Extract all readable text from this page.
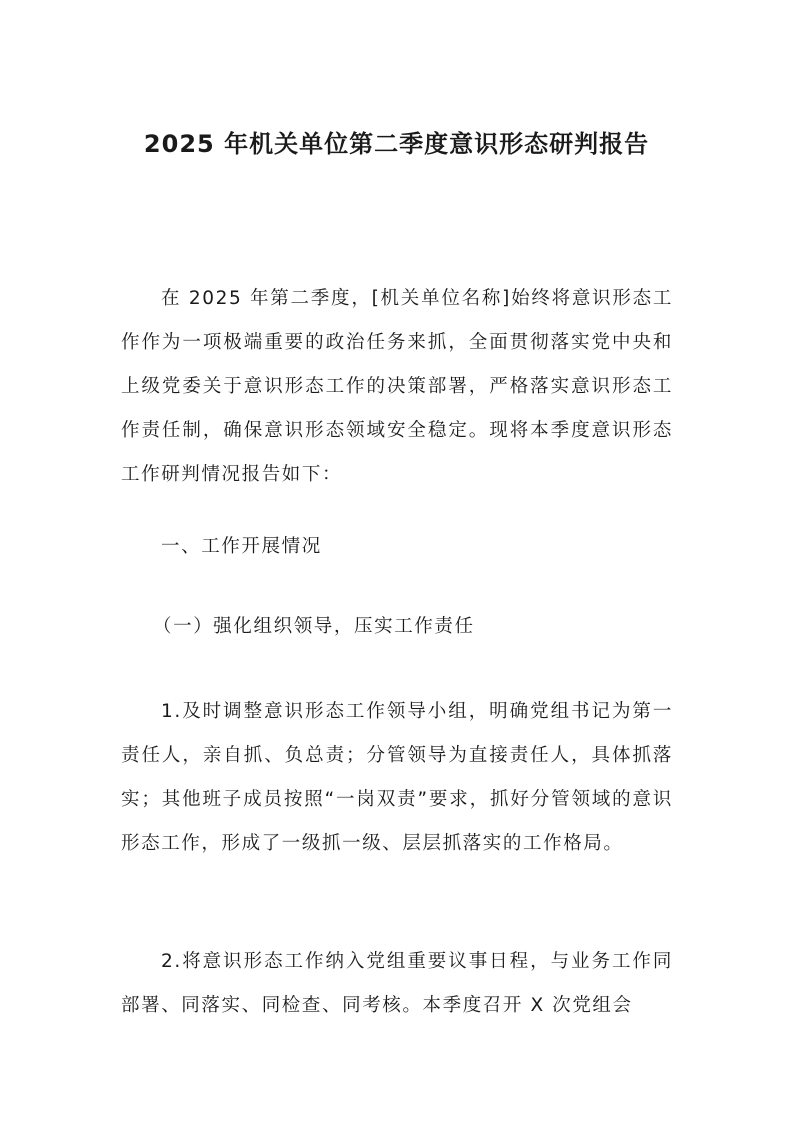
2025 年机关单位第二季度意识形态研判报告

在 2025 年第二季度，[机关单位名称]始终将意识形态工作作为一项极端重要的政治任务来抓，全面贯彻落实党中央和上级党委关于意识形态工作的决策部署，严格落实意识形态工作责任制，确保意识形态领域安全稳定。现将本季度意识形态工作研判情况报告如下：

一、工作开展情况

（一）强化组织领导，压实工作责任

1.及时调整意识形态工作领导小组，明确党组书记为第一责任人，亲自抓、负总责；分管领导为直接责任人，具体抓落实；其他班子成员按照“一岗双责”要求，抓好分管领域的意识形态工作，形成了一级抓一级、层层抓落实的工作格局。

2.将意识形态工作纳入党组重要议事日程，与业务工作同部署、同落实、同检查、同考核。本季度召开 X 次党组会
